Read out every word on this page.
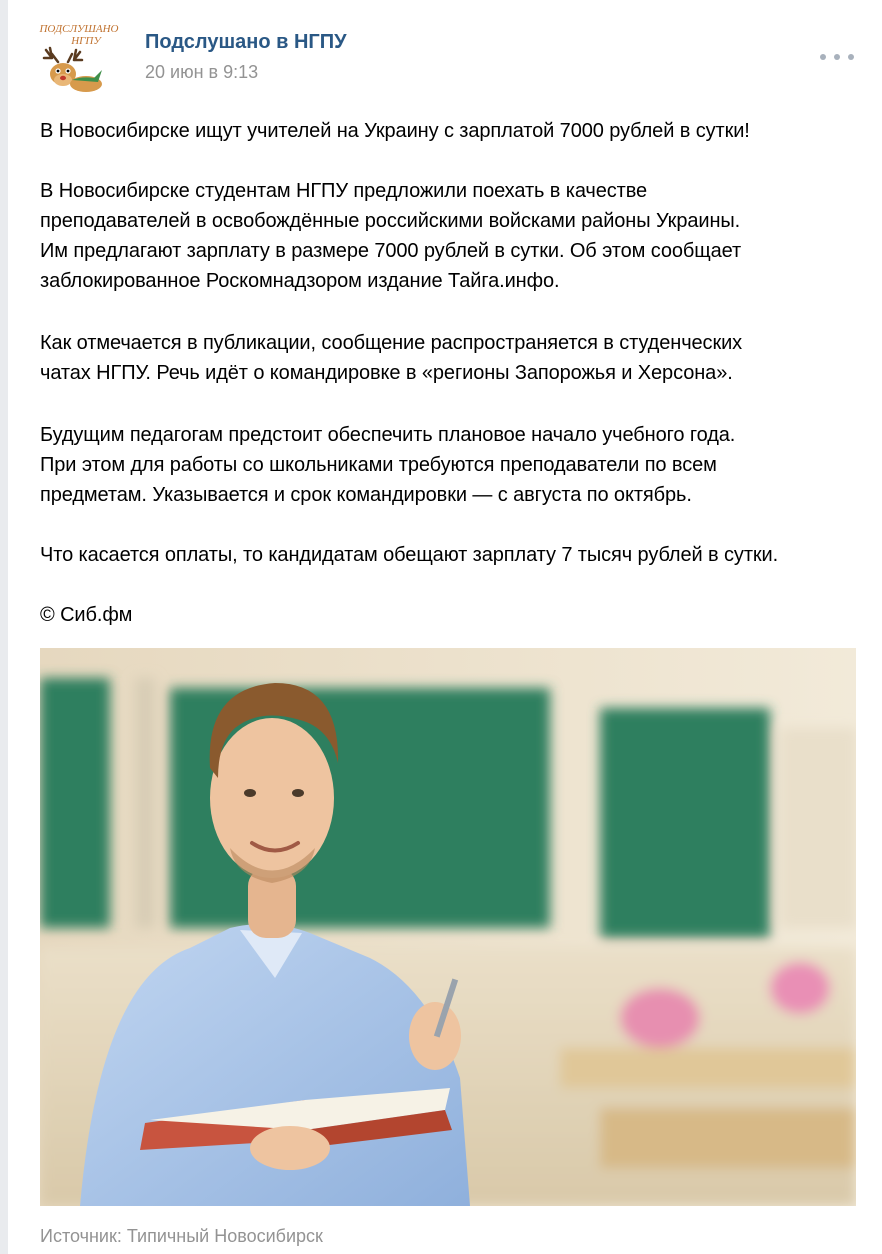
ПОДСЛУШАНО
НГПУ Подслушано в НГПУ
20 июн в 9:13
В Новосибирске ищут учителей на Украину с зарплатой 7000 рублей в сутки!
В Новосибирске студентам НГПУ предложили поехать в качестве
преподавателей в освобождённые российскими войсками районы Украины.
Им предлагают зарплату в размере 7000 рублей в сутки. Об этом сообщает
заблокированное Роскомнадзором издание Тайга.инфо.
Как отмечается в публикации, сообщение распространяется в студенческих
чатах НГПУ. Речь идёт о командировке в «регионы Запорожья и Херсона».
Будущим педагогам предстоит обеспечить плановое начало учебного года.
При этом для работы со школьниками требуются преподаватели по всем
предметам. Указывается и срок командировки — с августа по октябрь.
Что касается оплаты, то кандидатам обещают зарплату 7 тысяч рублей в сутки.
© Сиб.фм
Источник: Типичный Новосибирск
